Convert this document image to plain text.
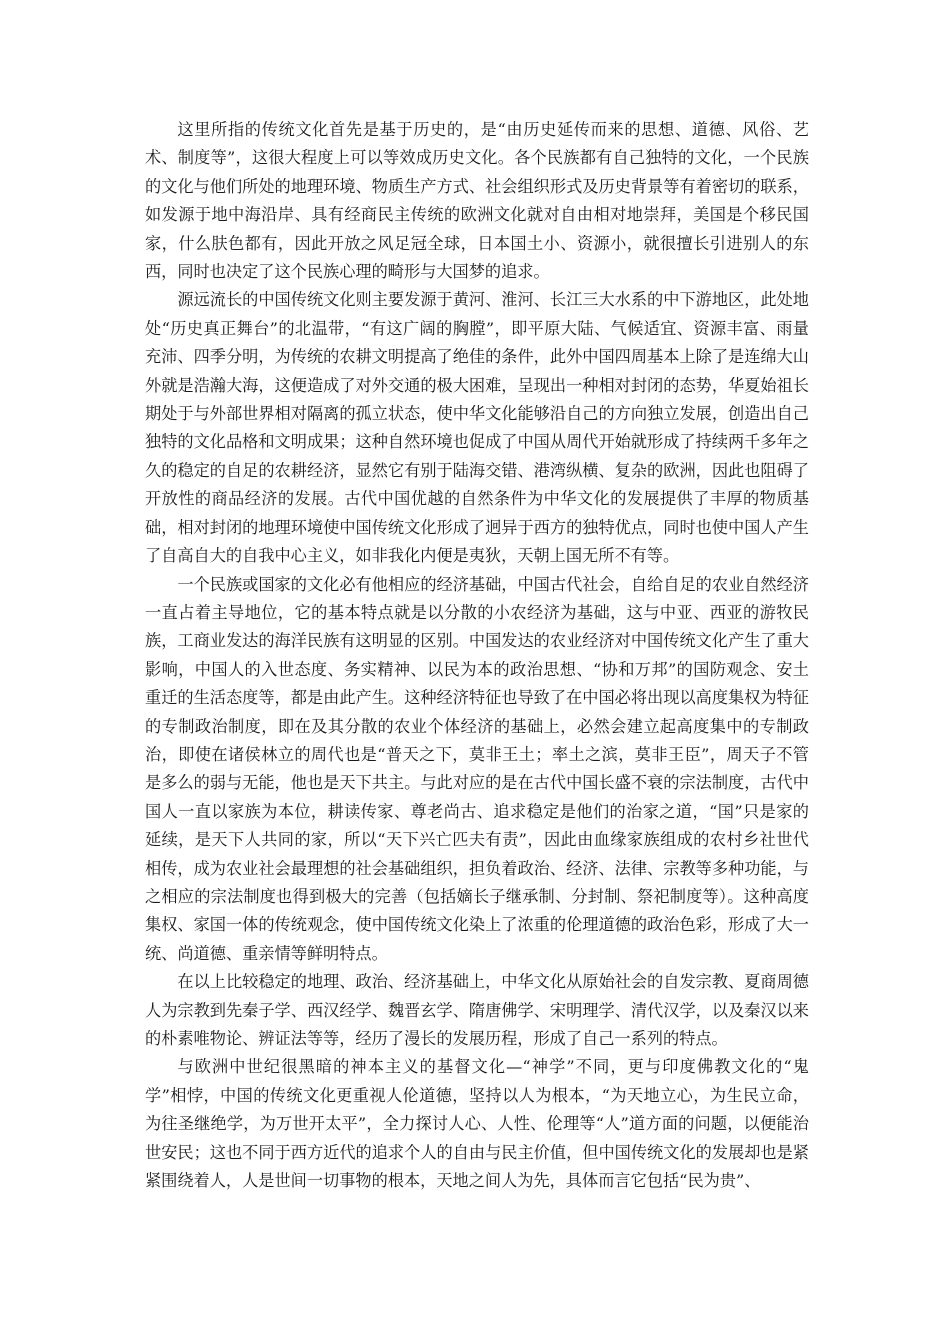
这里所指的传统文化首先是基于历史的，是“由历史延传而来的思想、道德、风俗、艺术、制度等”，这很大程度上可以等效成历史文化。各个民族都有自己独特的文化，一个民族的文化与他们所处的地理环境、物质生产方式、社会组织形式及历史背景等有着密切的联系，如发源于地中海沿岸、具有经商民主传统的欧洲文化就对自由相对地崇拜，美国是个移民国家，什么肤色都有，因此开放之风足冠全球，日本国土小、资源小，就很擅长引进别人的东西，同时也决定了这个民族心理的畸形与大国梦的追求。

源远流长的中国传统文化则主要发源于黄河、淮河、长江三大水系的中下游地区，此处地处“历史真正舞台”的北温带，“有这广阔的胸膛”，即平原大陆、气候适宜、资源丰富、雨量充沛、四季分明，为传统的农耕文明提高了绝佳的条件，此外中国四周基本上除了是连绵大山外就是浩瀚大海，这便造成了对外交通的极大困难，呈现出一种相对封闭的态势，华夏始祖长期处于与外部世界相对隔离的孤立状态，使中华文化能够沿自己的方向独立发展，创造出自己独特的文化品格和文明成果；这种自然环境也促成了中国从周代开始就形成了持续两千多年之久的稳定的自足的农耕经济，显然它有别于陆海交错、港湾纵横、复杂的欧洲，因此也阻碍了开放性的商品经济的发展。古代中国优越的自然条件为中华文化的发展提供了丰厚的物质基础，相对封闭的地理环境使中国传统文化形成了迥异于西方的独特优点，同时也使中国人产生了自高自大的自我中心主义，如非我化内便是夷狄，天朝上国无所不有等。

一个民族或国家的文化必有他相应的经济基础，中国古代社会，自给自足的农业自然经济一直占着主导地位，它的基本特点就是以分散的小农经济为基础，这与中亚、西亚的游牧民族，工商业发达的海洋民族有这明显的区别。中国发达的农业经济对中国传统文化产生了重大影响，中国人的入世态度、务实精神、以民为本的政治思想、“协和万邦”的国防观念、安土重迁的生活态度等，都是由此产生。这种经济特征也导致了在中国必将出现以高度集权为特征的专制政治制度，即在及其分散的农业个体经济的基础上，必然会建立起高度集中的专制政治，即使在诸侯林立的周代也是“普天之下，莫非王土；率土之滨，莫非王臣”，周天子不管是多么的弱与无能，他也是天下共主。与此对应的是在古代中国长盛不衰的宗法制度，古代中国人一直以家族为本位，耕读传家、尊老尚古、追求稳定是他们的治家之道，“国”只是家的延续，是天下人共同的家，所以“天下兴亡匹夫有责”，因此由血缘家族组成的农村乡社世代相传，成为农业社会最理想的社会基础组织，担负着政治、经济、法律、宗教等多种功能，与之相应的宗法制度也得到极大的完善（包括嫡长子继承制、分封制、祭祀制度等）。这种高度集权、家国一体的传统观念，使中国传统文化染上了浓重的伦理道德的政治色彩，形成了大一统、尚道德、重亲情等鲜明特点。

在以上比较稳定的地理、政治、经济基础上，中华文化从原始社会的自发宗教、夏商周德人为宗教到先秦子学、西汉经学、魏晋玄学、隋唐佛学、宋明理学、清代汉学，以及秦汉以来的朴素唯物论、辨证法等等，经历了漫长的发展历程，形成了自己一系列的特点。

与欧洲中世纪很黑暗的神本主义的基督文化—“神学”不同，更与印度佛教文化的“鬼学”相悖，中国的传统文化更重视人伦道德，坚持以人为根本，“为天地立心，为生民立命，为往圣继绝学，为万世开太平”，全力探讨人心、人性、伦理等“人”道方面的问题，以便能治世安民；这也不同于西方近代的追求个人的自由与民主价值，但中国传统文化的发展却也是紧紧围绕着人，人是世间一切事物的根本，天地之间人为先，具体而言它包括“民为贵”、
